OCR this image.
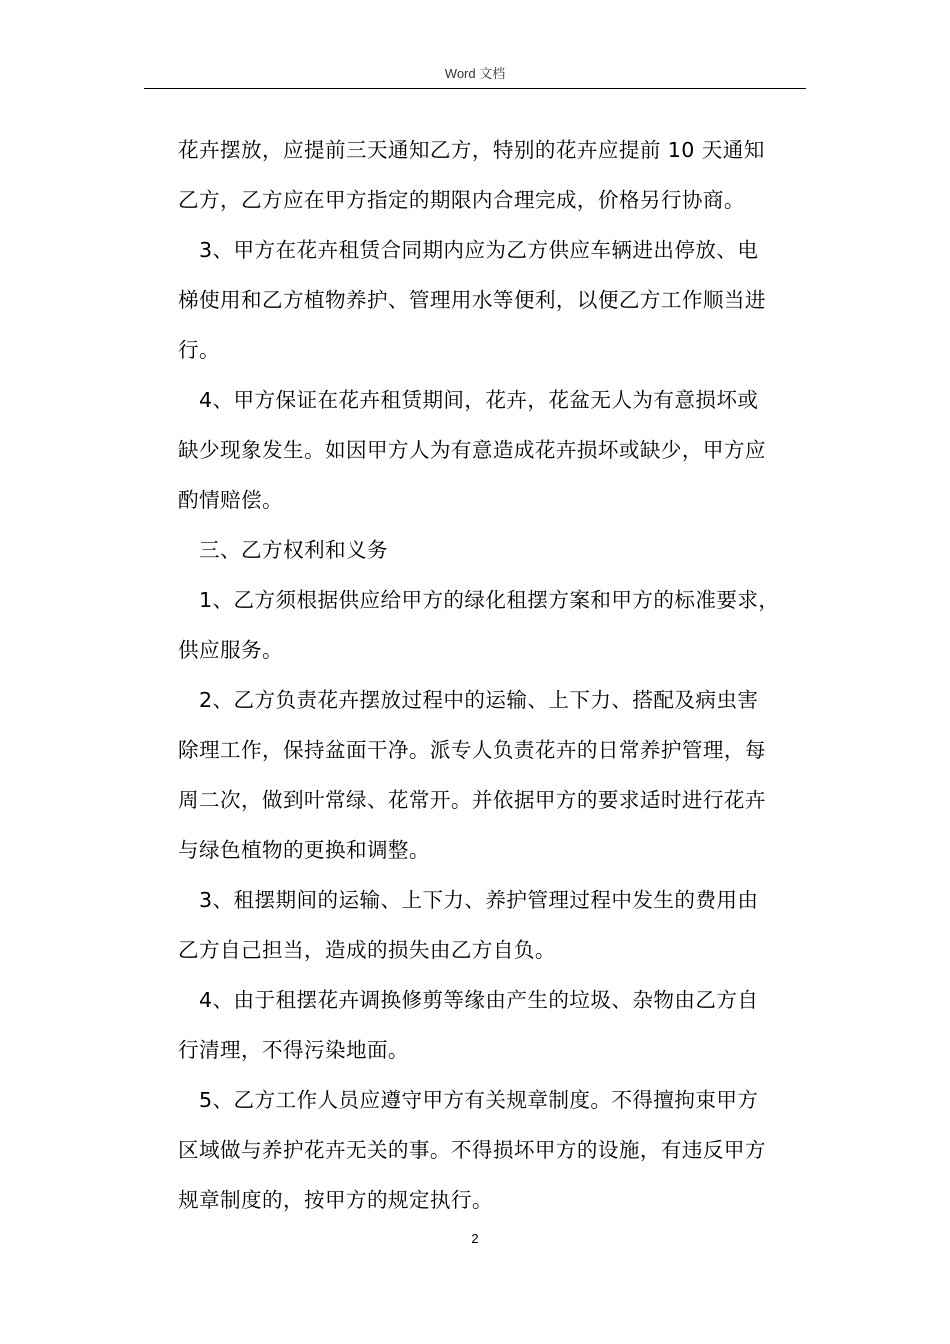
Word 文档

花卉摆放，应提前三天通知乙方，特别的花卉应提前 10 天通知
乙方，乙方应在甲方指定的期限内合理完成，价格另行协商。

3、甲方在花卉租赁合同期内应为乙方供应车辆进出停放、电
梯使用和乙方植物养护、管理用水等便利，以便乙方工作顺当进
行。

4、甲方保证在花卉租赁期间，花卉，花盆无人为有意损坏或
缺少现象发生。如因甲方人为有意造成花卉损坏或缺少，甲方应
酌情赔偿。

三、乙方权利和义务

1、乙方须根据供应给甲方的绿化租摆方案和甲方的标准要求，
供应服务。

2、乙方负责花卉摆放过程中的运输、上下力、搭配及病虫害
除理工作，保持盆面干净。派专人负责花卉的日常养护管理，每
周二次，做到叶常绿、花常开。并依据甲方的要求适时进行花卉
与绿色植物的更换和调整。

3、租摆期间的运输、上下力、养护管理过程中发生的费用由
乙方自己担当，造成的损失由乙方自负。

4、由于租摆花卉调换修剪等缘由产生的垃圾、杂物由乙方自
行清理，不得污染地面。

5、乙方工作人员应遵守甲方有关规章制度。不得擅拘束甲方
区域做与养护花卉无关的事。不得损坏甲方的设施，有违反甲方
规章制度的，按甲方的规定执行。

2
